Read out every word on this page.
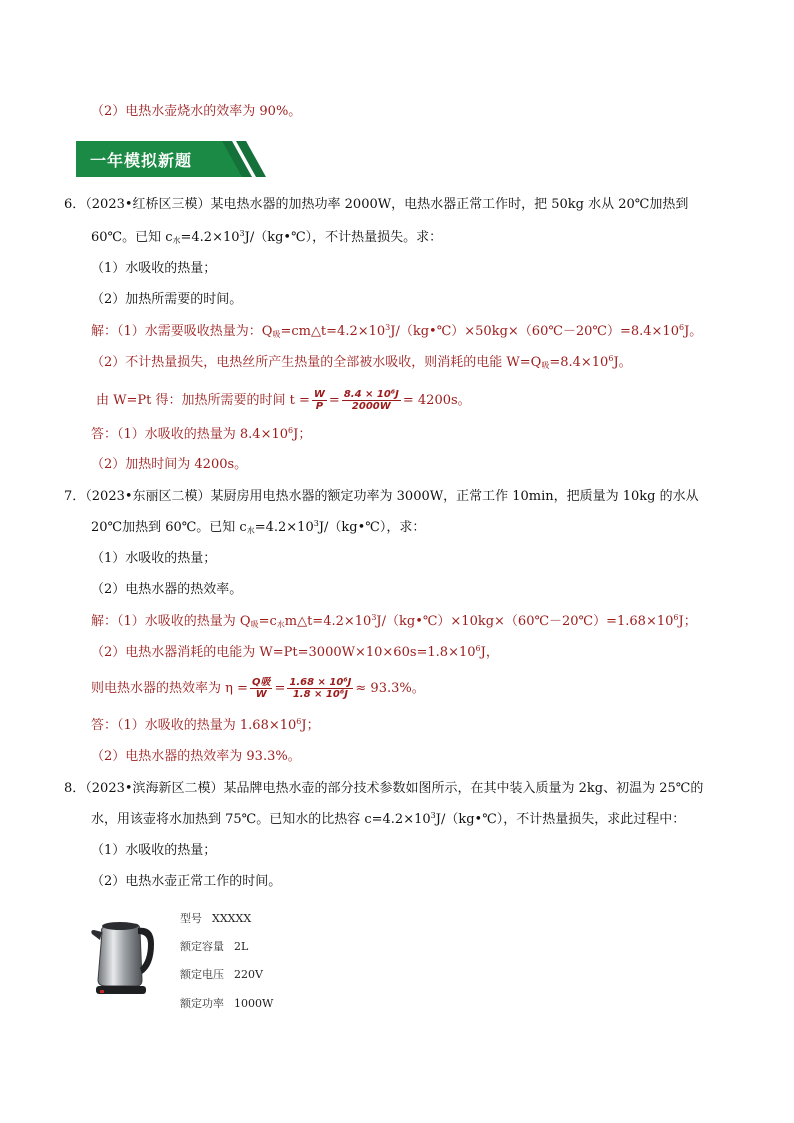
（2）电热水壶烧水的效率为 90%。
一年模拟新题
6．（2023•红桥区三模）某电热水器的加热功率 2000W，电热水器正常工作时，把 50kg 水从 20℃加热到
60℃。已知 $c_水=4.2\times 10^3J/(kg•℃)$，不计热量损失。求：
（1）水吸收的热量；
（2）加热所需要的时间。
解：（1）水需要吸收热量为：$Q_吸=cm\triangle t=4.2\times 10^3J/(kg•℃)\times 50kg\times(60℃-20℃)=8.4\times 10^6J$。
（2）不计热量损失，电热丝所产生热量的全部被水吸收，则消耗的电能 $W=Q_吸=8.4\times 10^6J$。
由 W=Pt 得：加热所需要的时间 $t = \frac{W}{P} = \frac{\text{8.4 × 10⁶J}}{2000W} = 4200s$。
答：（1）水吸收的热量为 $8.4\times 10^6J$；
（2）加热时间为 4200s。
7．（2023•东丽区二模）某厨房用电热水器的额定功率为 3000W，正常工作 10min，把质量为 10kg 的水从
20℃加热到 60℃。已知 $c_水=4.2\times 10^3J/(kg•℃)$，求：
（1）水吸收的热量；
（2）电热水器的热效率。
解：（1）水吸收的热量为 $Q_吸=c_水m\triangle t=4.2\times 10^3J/(kg•℃)\times 10kg\times(60℃-20℃)=1.68\times 10^6J$；
（2）电热水器消耗的电能为 $W=Pt=3000W\times 10\times 60s=1.8\times 10^6J$，
则电热水器的热效率为 $\eta = \frac{\text{Q吸}}{W} = \frac{\text{1.68 × 10⁶J}}{\text{1.8 × 10⁶J}} \approx 93.3\%$。
答：（1）水吸收的热量为 $1.68\times 10^6J$；
（2）电热水器的热效率为 93.3%。
8．（2023•滨海新区二模）某品牌电热水壶的部分技术参数如图所示，在其中装入质量为 2kg、初温为 25℃的
水，用该壶将水加热到 75℃。已知水的比热容 $c=4.2\times 10^3J/(kg•℃)$，不计热量损失，求此过程中：
（1）水吸收的热量；
（2）电热水壶正常工作的时间。
型号 XXXXX
额定容量 2L
额定电压 220V
额定功率 1000W
